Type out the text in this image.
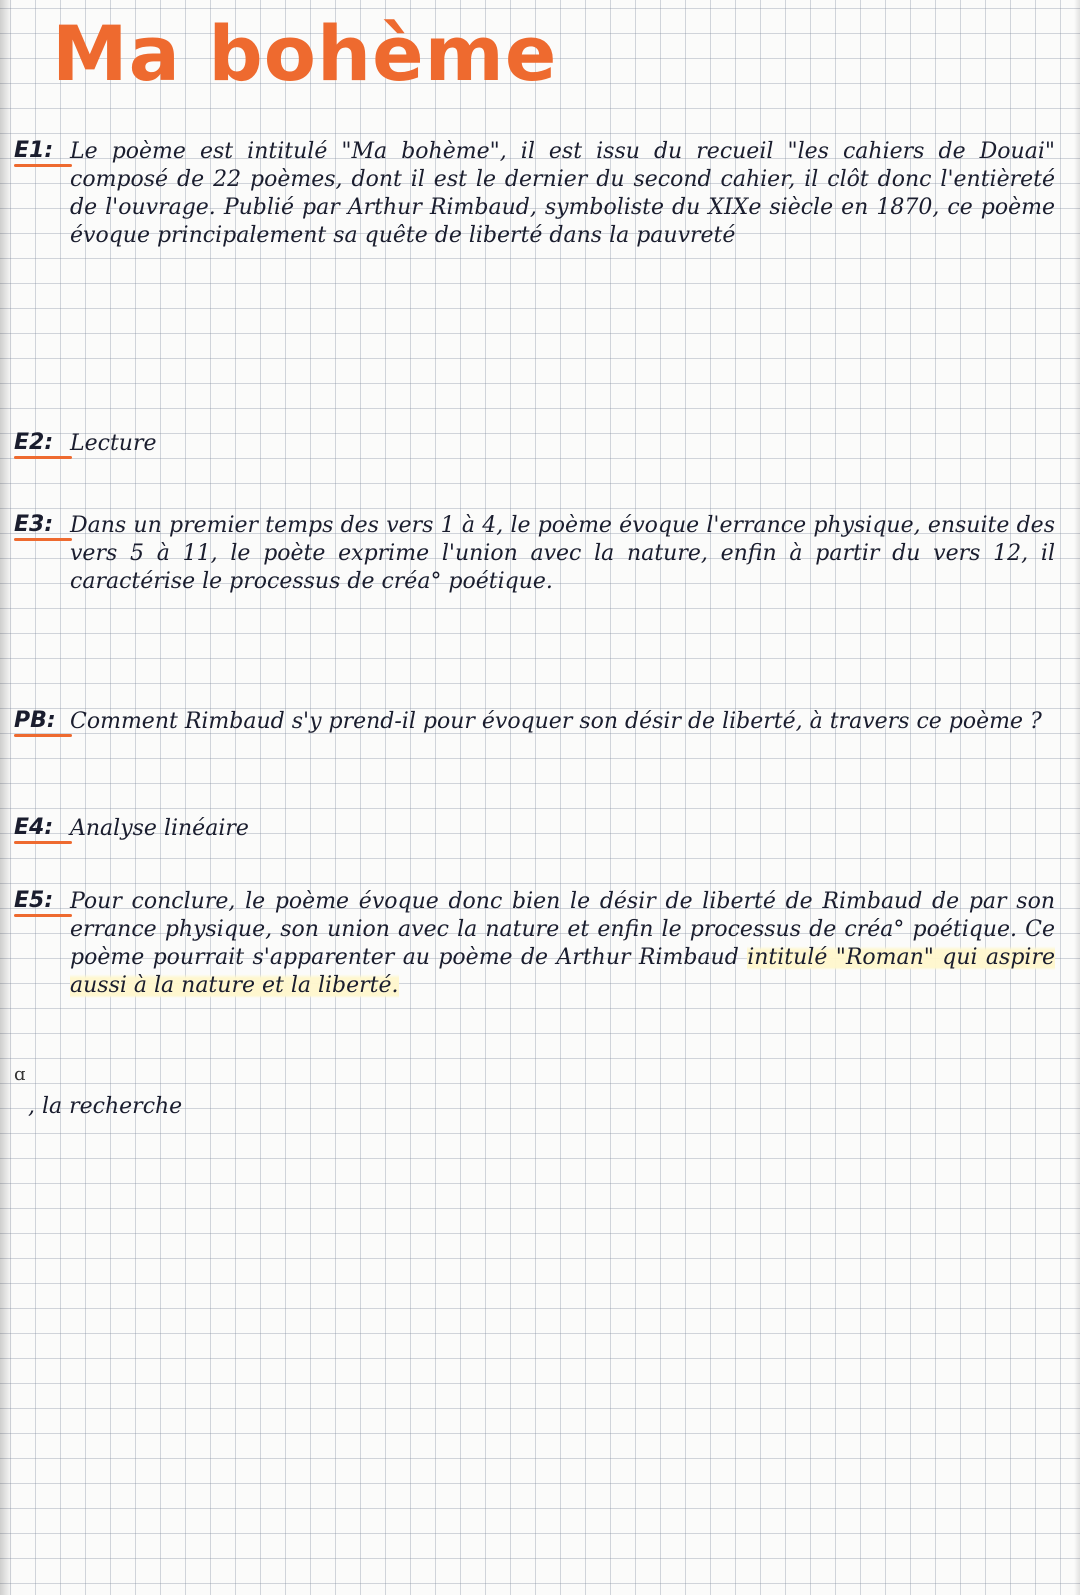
Ma bohème
E1: Le poème est intitulé "Ma bohème", il est issu du recueil "les cahiers de Douai" composé de 22 poèmes, dont il est le dernier du second cahier, il clôt donc l'entièreté de l'ouvrage. Publié par Arthur Rimbaud, symboliste du XIXe siècle en 1870, ce poème évoque principalement sa quête de liberté dans la pauvreté
E2: Lecture
E3: Dans un premier temps des vers 1 à 4, le poème évoque l'errance physique, ensuite des vers 5 à 11, le poète exprime l'union avec la nature, enfin à partir du vers 12, il caractérise le processus de créa° poétique.
PB: Comment Rimbaud s'y prend-il pour évoquer son désir de liberté, à travers ce poème ?
E4: Analyse linéaire
E5: Pour conclure, le poème évoque donc bien le désir de liberté de Rimbaud de par son errance physique, son union avec la nature et enfin le processus de créa° poétique. Ce poème pourrait s'apparenter au poème de Arthur Rimbaud intitulé "Roman" qui aspire aussi à la nature et la liberté.
ɑ
, la recherche
